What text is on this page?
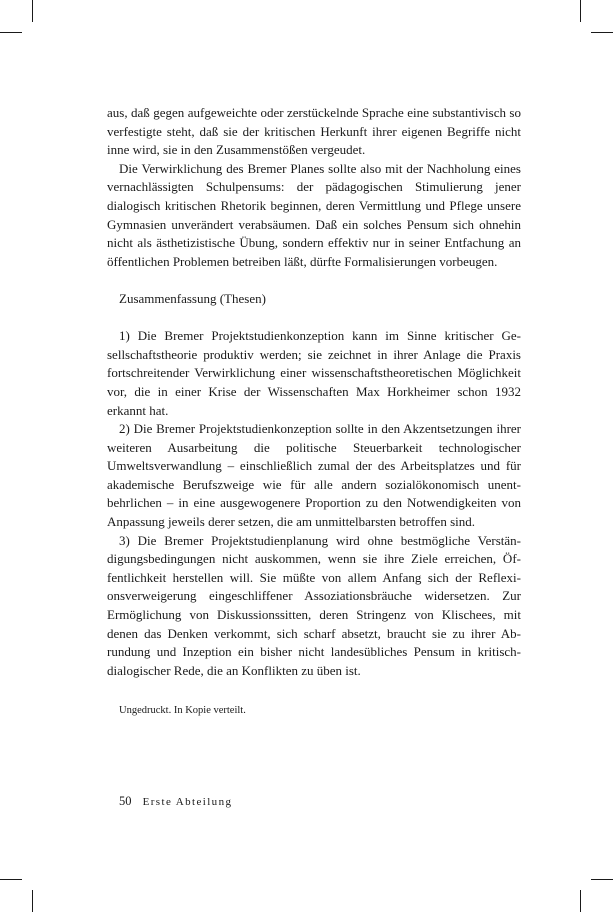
aus, daß gegen aufgeweichte oder zerstückelnde Sprache eine substantivisch so verfestigte steht, daß sie der kritischen Herkunft ihrer eigenen Begriffe nicht inne wird, sie in den Zusammenstößen vergeudet.

Die Verwirklichung des Bremer Planes sollte also mit der Nachholung eines vernachlässigten Schulpensums: der pädagogischen Stimulierung jener dialogisch kritischen Rhetorik beginnen, deren Vermittlung und Pflege unsere Gymnasien unverändert verabsäumen. Daß ein solches Pensum sich ohnehin nicht als ästhetizistische Übung, sondern effektiv nur in seiner Entfachung an öffentlichen Problemen betreiben läßt, dürfte Formalisierungen vorbeugen.

Zusammenfassung (Thesen)

1) Die Bremer Projektstudienkonzeption kann im Sinne kritischer Gesellschaftstheorie produktiv werden; sie zeichnet in ihrer Anlage die Praxis fortschreitender Verwirklichung einer wissenschaftstheoretischen Möglichkeit vor, die in einer Krise der Wissenschaften Max Horkheimer schon 1932 erkannt hat.

2) Die Bremer Projektstudienkonzeption sollte in den Akzentsetzungen ihrer weiteren Ausarbeitung die politische Steuerbarkeit technologischer Umweltsverwandlung – einschließlich zumal der des Arbeitsplatzes und für akademische Berufszweige wie für alle andern sozialökonomisch unentbehrlichen – in eine ausgewogenere Proportion zu den Notwendigkeiten von Anpassung jeweils derer setzen, die am unmittelbarsten betroffen sind.

3) Die Bremer Projektstudienplanung wird ohne bestmögliche Verständigungsbedingungen nicht auskommen, wenn sie ihre Ziele erreichen, Öffentlichkeit herstellen will. Sie müßte von allem Anfang sich der Reflexionsverweigerung eingeschliffener Assoziationsbräuche widersetzen. Zur Ermöglichung von Diskussionssitten, deren Stringenz von Klischees, mit denen das Denken verkommt, sich scharf absetzt, braucht sie zu ihrer Abrundung und Inzeption ein bisher nicht landesübliches Pensum in kritisch-dialogischer Rede, die an Konflikten zu üben ist.

Ungedruckt. In Kopie verteilt.
50 Erste Abteilung
